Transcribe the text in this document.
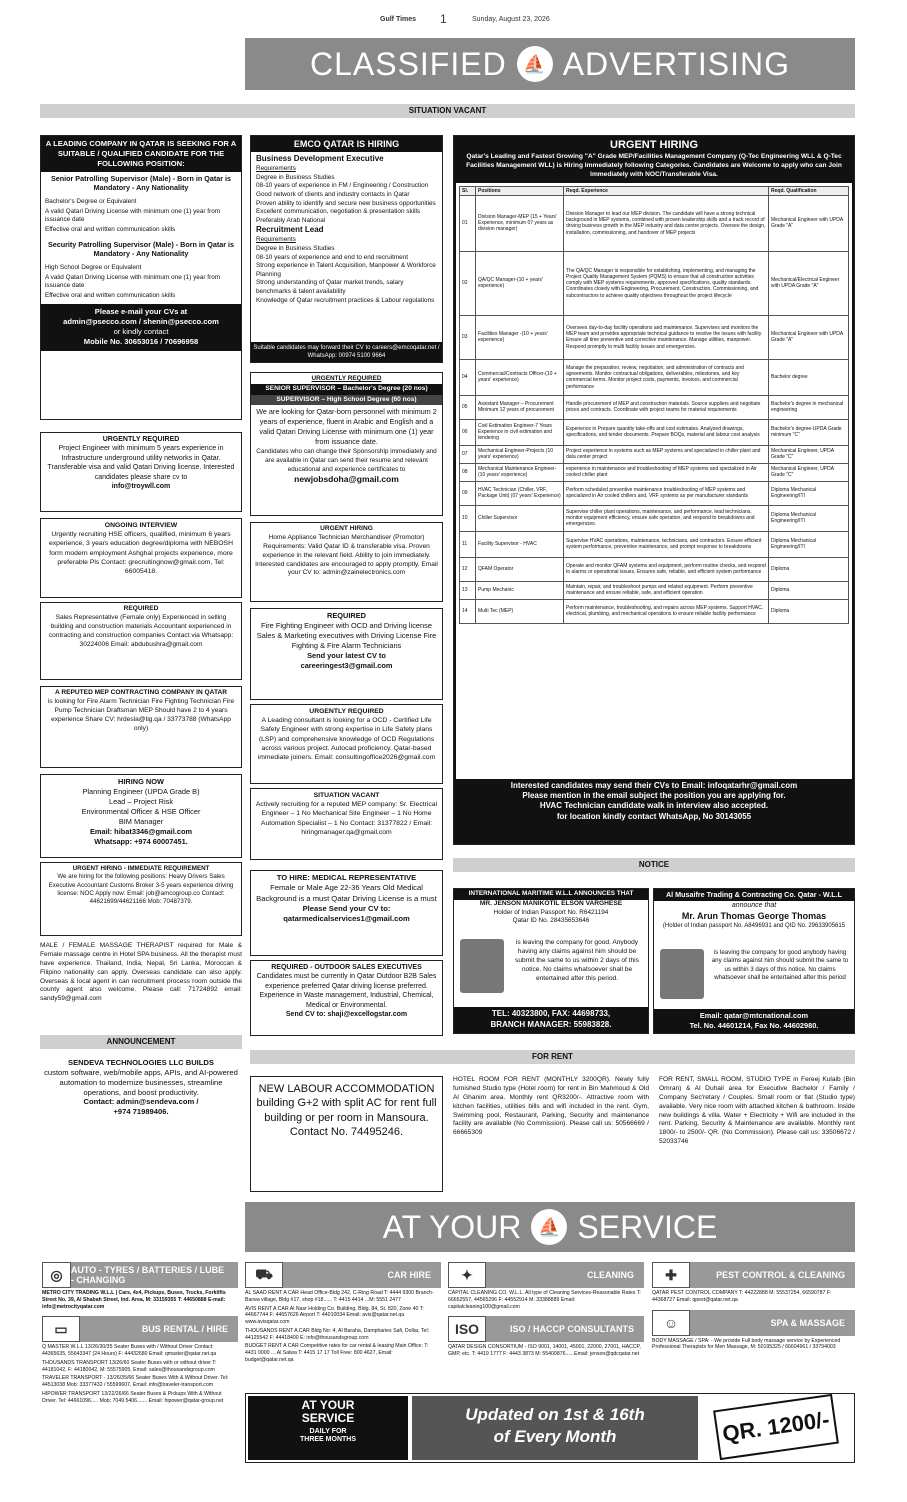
Gulf Times 1	Sunday, August 23, 2026
CLASSIFIED ⛵ ADVERTISING
SITUATION VACANT
A LEADING COMPANY IN QATAR IS SEEKING FOR A SUITABLE / QUALIFIED CANDIDATE FOR THE FOLLOWING POSITION:
Senior Patrolling Supervisor (Male) - Born in Qatar is Mandatory - Any Nationality
Bachelor's Degree or Equivalent
A valid Qatari Driving License with minimum one (1) year from issuance date
Effective oral and written communication skills
Security Patrolling Supervisor (Male) - Born in Qatar is Mandatory - Any Nationality
High School Degree or Equivalent
A valid Qatari Driving License with minimum one (1) year from issuance date
Effective oral and written communication skills
Please e-mail your CVs at
admin@psecco.com / shenin@psecco.com
or kindly contact
Mobile No. 30653016 / 70696958
URGENTLY REQUIRED

Project Engineer with minimum 5 years experience in Infrastructure underground utility networks in Qatar. Transferable visa and valid Qatari Driving license. Interested candidates please share cv to

info@troywll.com

ONGOING INTERVIEW

Urgently recruiting HSE officers, qualified, minimum 6 years experience, 3 years education degree/diploma with NEBOSH form modern employment Ashghal projects experience, more preferable Pls Contact: grecruitingnow@gmail.com, Tel: 66005418.

REQUIRED

Sales Representative (Female only) Experienced in selling building and construction materials Accountant experienced in contracting and construction companies Contact via Whatsapp: 30224006 Email: abdubushra@gmail.com

A REPUTED MEP CONTRACTING COMPANY IN QATAR

is looking for Fire Alarm Technician Fire Fighting Technician Fire Pump Technician Draftsman MEP Should have 2 to 4 years experience Share CV: hrdesla@tig.qa / 33773788 (WhatsApp only)

HIRING NOW

Planning Engineer (UPDA Grade B)

Lead – Project Risk

Environmental Officer & HSE Officer

BIM Manager

Email: hibat3346@gmail.com

Whatsapp: +974 60007451.

URGENT HIRING - IMMEDIATE REQUIREMENT

We are hiring for the following positions: Heavy Drivers Sales Executive Accountant Customs Broker 3-5 years experience driving license: NOC Apply now: Email: job@amcogroup.co Contact: 44621699/44621166 Mob: 70487379.

MALE / FEMALE MASSAGE THERAPIST required for Male & Female massage centre in Hotel SPA business. All the therapist must have experience. Thailand, India, Nepal, Sri Lanka, Moroccan & Filipino nationality can apply. Overseas candidate can also apply. Overseas & local agent in can recruitment process room outside the county agent also welcome. Please call: 71724892 email: sandy59@gmail.com

ANNOUNCEMENT

SENDEVA TECHNOLOGIES LLC BUILDS

custom software, web/mobile apps, APIs, and AI-powered automation to modernize businesses, streamline operations, and boost productivity.

Contact: admin@sendeva.com /

+974 71989406.

EMCO QATAR IS HIRING
Business Development Executive
Requirements

Degree in Business Studies

08-10 years of experience in FM / Engineering / Construction

Good network of clients and industry contacts in Qatar

Proven ability to identify and secure new business opportunities

Excellent communication, negotiation & presentation skills

Preferably Arab National

Recruitment Lead
Requirements

Degree in Business Studies

08-10 years of experience and end to end recruitment

Strong experience in Talent Acquisition, Manpower & Workforce Planning

Strong understanding of Qatar market trends, salary benchmarks & talent availability

Knowledge of Qatar recruitment practices & Labour regulations

Suitable candidates may forward their CV to careers@emcoqatar.net / WhatsApp: 00974 5100 9664
URGENTLY REQUIRED
SENIOR SUPERVISOR – Bachelor's Degree (20 nos)
SUPERVISOR – High School Degree (60 nos)

We are looking for Qatar-born personnel with minimum 2 years of experience, fluent in Arabic and English and a valid Qatari Driving License with minimum one (1) year from issuance date.

Candidates who can change their Sponsorship immediately and are available in Qatar can send their resume and relevant educational and experience certificates to

newjobsdoha@gmail.com

URGENT HIRING

Home Appliance Technician Merchandiser (Promotor) Requirements: Valid Qatar ID & transferable visa. Proven experience in the relevant field. Ability to join immediately. Interested candidates are encouraged to apply promptly. Email your CV to: admin@zainelectronics.com

REQUIRED

Fire Fighting Engineer with OCD and Driving license Sales & Marketing executives with Driving License Fire Fighting & Fire Alarm Technicians

Send your latest CV to

careeringest3@gmail.com

URGENTLY REQUIRED

A Leading consultant is looking for a OCD - Certified Life Safety Engineer with strong expertise in Life Safety plans (LSP) and comprehensive knowledge of OCD Regulations across various project. Autocad proficiency. Qatar-based immediate joiners. Email: consultingoffice2026@gmail.com

SITUATION VACANT

Actively recruiting for a reputed MEP company: Sr. Electrical Engineer – 1 No Mechanical Site Engineer – 1 No Home Automation Specialist – 1 No Contact: 31377822 / Email: hiringmanager.qa@gmail.com

TO HIRE: MEDICAL REPRESENTATIVE

Female or Male Age 22-36 Years Old Medical Background is a must Qatar Driving License is a must

Please Send your CV to:

qatarmedicalservices1@gmail.com

REQUIRED - OUTDOOR SALES EXECUTIVES

Candidates must be currently in Qatar Outdoor B2B Sales experience preferred Qatar driving license preferred. Experience in Waste management, Industrial, Chemical, Medical or Environmental.

Send CV to: shaji@excellogstar.com

URGENT HIRING
Qatar's Leading and Fastest Growing "A" Grade MEP/Facilities Management Company (Q-Tec Engineering WLL & Q-Tec Facilities Management WLL) is Hiring Immediately following Categories. Candidates are Welcome to apply who can Join Immediately with NOC/Transferable Visa.
Sl.	Positions	Reqd. Experience	Reqd. Qualification
01	Division Manager-MEP (15 + Years' Experience, minimum 07 years as division manager)	Division Manager to lead our MEP division. The candidate will have a strong technical background in MEP systems, combined with proven leadership skills and a track record of driving business growth in the MEP industry and data centre projects. Oversee the design, installation, commissioning, and handover of MEP projects	Mechanical Engineer with UPDA Grade "A"
02	QA/QC Manager-(10 + years' experience)	The QA/QC Manager is responsible for establishing, implementing, and managing the Project Quality Management System (PQMS) to ensure that all construction activities comply with MEP systems requirements, approved specifications, quality standards. Coordinates closely with Engineering, Procurement, Construction, Commissioning, and subcontractors to achieve quality objectives throughout the project lifecycle	Mechanical/Electrical Engineer with UPDA Grade "A"
03	Facilities Manager -(10 + years' experience)	Oversees day-to-day facility operations and maintenance. Supervises and monitors the MEP team and provides appropriate technical guidance to resolve the issues with facility. Ensure all time preventive and corrective maintenance. Manage utilities, manpower. Respond promptly to multi facility issues and emergencies.	Mechanical Engineer with UPDA Grade "A"
04	Commercial/Contracts Officer-(10 + years' experience)	Manage the preparation, review, negotiation, and administration of contracts and agreements. Monitor contractual obligations, deliverables, milestones, and key commercial terms. Monitor project costs, payments, invoices, and commercial performance	Bachelor degree
05	Assistant Manager – Procurement Minimum 12 years of procurement	Handle procurement of MEP and construction materials. Source suppliers and negotiate prices and contracts. Coordinate with project teams for material requirements	Bachelor's degree in mechanical engineering
06	Civil Estimation Engineer-7 Years Experience in civil estimation and tendering	Experience in Prepare quantity take-offs and cost estimates. Analyzed drawings, specifications, and tender documents. Prepare BOQs, material and labour cost analysis	Bachelor's degree-UPDA Grade minimum "C"
07	Mechanical Engineer-Projects (10 years' experience)	Project experience in systems such as MEP systems and specialized in chiller plant and data center project	Mechanical Engineer, UPDA Grade "C"
08	Mechanical Maintenance Engineer-(10 years' experience)	experience in maintenance and troubleshooting of MEP systems and specialized in Air cooled chiller plant	Mechanical Engineer, UPDA Grade "C"
09	HVAC Technician (Chiller, VRF, Package Unit) (07 years' Experience)	Perform scheduled preventive maintenance troubleshooting of MEP systems and specialized in Air cooled chillers and, VRF systems as per manufacturer standards	Diploma Mechanical Engineering/ITI
10	Chiller Supervisor	Supervise chiller plant operations, maintenance, and performance. lead technicians, monitor equipment efficiency, ensure safe operation, and respond to breakdowns and emergencies.	Diploma Mechanical Engineering/ITI
11	Facility Supervisor - HVAC	Supervise HVAC operations, maintenance, technicians, and contractors. Ensure efficient system performance, preventive maintenance, and prompt response to breakdowns	Diploma Mechanical Engineering/ITI
12	QFAM Operator	Operate and monitor QFAM systems and equipment, perform routine checks, and respond to alarms or operational issues. Ensures safe, reliable, and efficient system performance	Diploma
13	Pump Mechanic	Maintain, repair, and troubleshoot pumps and related equipment. Perform preventive maintenance and ensure reliable, safe, and efficient operation	Diploma
14	Multi Tec (MEP)	Perform maintenance, troubleshooting, and repairs across MEP systems. Support HVAC, electrical, plumbing, and mechanical operations to ensure reliable facility performance	Diploma
Interested candidates may send their CVs to Email: infoqatarhr@gmail.com
Please mention in the email subject the position you are applying for.
HVAC Technician candidate walk in interview also accepted.
for location kindly contact WhatsApp, No 30143055
NOTICE
INTERNATIONAL MARITIME W.L.L ANNOUNCES THAT
MR. JENSON MANIKOTIL ELSON VARGHESE
Holder of Indian Passport No. R6421194
Qatar ID No. 28435653646
is leaving the company for good. Anybody having any claims against him should be submit the same to us within 2 days of this notice. No claims whatsoever shall be entertained after this period.
TEL: 40323800, FAX: 44698733,
BRANCH MANAGER: 55983828.
Al Musaifre Trading & Contracting Co. Qatar - W.L.L
announce that
Mr. Arun Thomas George Thomas
(Holder of Indian passport No. A8496931 and QID No. 29633905615
is leaving the company for good anybody having any claims against him should submit the same to us within 3 days of this notice. No claims whatsoever shall be entertained after this period
Email: qatar@mtcnational.com
Tel. No. 44601214, Fax No. 44602980.
FOR RENT

NEW LABOUR ACCOMMODATION building G+2 with split AC for rent full building or per room in Mansoura. Contact No. 74495246.

HOTEL ROOM FOR RENT (MONTHLY 3200QR). Newly fully furnished Studio type (Hotel room) for rent in Bin Mahmoud & Old Al Ghanim area. Monthly rent QR3200/-. Attractive room with kitchen facilities, utilities bills and wifi included in the rent. Gym, Swimming pool, Restaurant, Parking, Security and maintenance facility are available (No Commission). Please call us: 50566669 / 66665309

FOR RENT, SMALL ROOM, STUDIO TYPE in Fereej Kulaib (Bin Omran) & Al Duhail area for Executive Bachelor / Family / Company Sec'retary / Couples. Small room or flat (Studio type) available. Very nice room with attached kitchen & bathroom. Inside new buildings & villa. Water + Electricity + Wifi are included in the rent. Parking, Security & Maintenance are available. Monthly rent 1800/- to 2500/- QR. (No Commission). Please call us: 33506672 / 52033746

AT YOUR ⛵ SERVICE
◎ AUTO - TYRES / BATTERIES / LUBE - CHANGING
METRO CITY TRADING W.L.L | Cars, 4x4, Pickups, Buses, Trucks, Forklifts Street No. 39, Al Shabah Street, Ind. Area, M: 33159355 T: 44650888 E-mail: info@metrocityqatar.com
▭	BUS RENTAL / HIRE
Q MASTER W.L.L 13/26/30/35 Seater Buses with / Without Driver Contact: 44365635, 55643347 (24 Hours) F: 44432680 Email: qmaster@qatar.net.qa
THOUSANDS TRANSPORT 13/26/60 Seater Buses with or without driver T: 44181042, F: 44180042, M: 55575905, Email: sales@thousandsgroup.com
TRAVELER TRANSPORT - 13/26/35/66 Seater Buses With & Without Driver. Tel: 44513038 Mob: 33377432 / 55599607, Email: info@traveler-transport.com
HIPOWER TRANSPORT 13/22/26/66 Seater Buses & Pickups With & Without Driver. Tel: 44661096..... Mob: 7049 5406....... Email: hipower@qatar-group.net
⛟	CAR HIRE
AL SAAD RENT A CAR Head Office-Bldg 242, C-Ring Road T: 4444 9300 Branch-Barwa village, Bldg #17, shop #18...... T: 4415 4414 ...M: 5551 2477
AVIS RENT A CAR Al Nasr Holding Co. Building, Bldg. 84, St. 820, Zone 40 T: 44667744 F: 44657626 Airport T: 44010034 Email: avis@qatar.net.qa www.avisqatar.com
THOUSANDS RENT A CAR Bldg No: 4, Al Baraha, Dampharies Safi, Dollar, Tel: 44125542 F: 44418400 E: info@thousandsgroup.com
BUDGET RENT A CAR Competitive rates for car rental & leasing Main Office: T: 4431 0000 ....Al Salwa T: 4415 17 17 Toll Free: 800 4627, Email: budget@qatar.net.qa
✦	CLEANING
CAPITAL CLEANING CO. W.L.L. All type of Cleaning Services-Reasonable Rates T: 66652557, 44565296 F: 44552914 M: 33388889 Email: capitalcleaning100@gmail.com
ISO	ISO / HACCP CONSULTANTS
QATAR DESIGN CONSORTIUM - ISO 9001, 14001, 45001, 22000, 27001, HACCP, GMP, etc. T: 4419 1777 F: 4443 3873 M: 55400876......Email: jenson@qdcqatar.net
✚	PEST CONTROL & CLEANING
QATAR PEST CONTROL COMPANY T: 44222888 M: 55537254, 66590787 F: 44368727 Email: qpest@qatar.net.qa
☺	SPA & MASSAGE
BODY MASSAGE / SPA: - We provide Full body massage service by Experienced Professional Therapists for Men Massage, M: 50195325 / 66604961 / 33794003
AT YOUR
SERVICE
DAILY FOR
THREE MONTHS
Updated on 1st & 16th
of Every Month	QR. 1200/-
